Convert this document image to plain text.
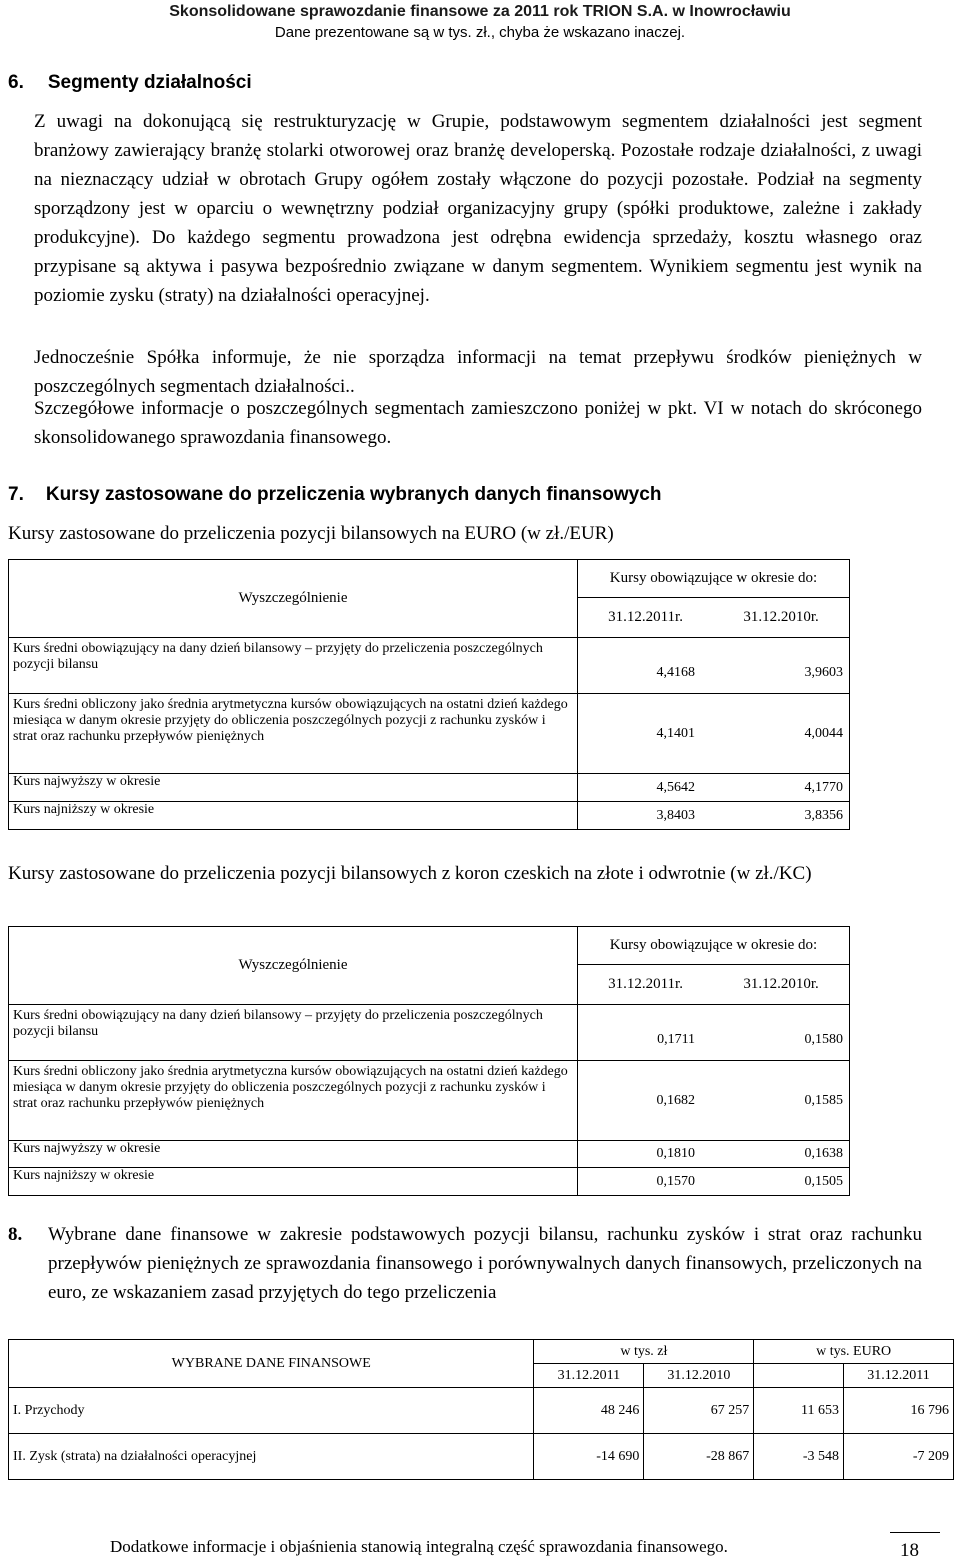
Skonsolidowane sprawozdanie finansowe za 2011 rok TRION S.A. w Inowrocławiu
Dane prezentowane są w tys. zł., chyba że wskazano inaczej.
6. Segmenty działalności

Z uwagi na dokonującą się restrukturyzację w Grupie, podstawowym segmentem działalności jest segment branżowy zawierający branżę stolarki otworowej oraz branżę developerską. Pozostałe rodzaje działalności, z uwagi na nieznaczący udział w obrotach Grupy ogółem zostały włączone do pozycji pozostałe. Podział na segmenty sporządzony jest w oparciu o wewnętrzny podział organizacyjny grupy (spółki produktowe, zależne i zakłady produkcyjne). Do każdego segmentu prowadzona jest odrębna ewidencja sprzedaży, kosztu własnego oraz przypisane są aktywa i pasywa bezpośrednio związane w danym segmentem. Wynikiem segmentu jest wynik na poziomie zysku (straty) na działalności operacyjnej.

Jednocześnie Spółka informuje, że nie sporządza informacji na temat przepływu środków pieniężnych w poszczególnych segmentach działalności..

Szczegółowe informacje o poszczególnych segmentach zamieszczono poniżej w pkt. VI w notach do skróconego skonsolidowanego sprawozdania finansowego.

7. Kursy zastosowane do przeliczenia wybranych danych finansowych

Kursy zastosowane do przeliczenia pozycji bilansowych na EURO (w zł./EUR)

Wyszczególnienie	Kursy obowiązujące w okresie do:	
	31.12.2011r.	31.12.2010r.
Kurs średni obowiązujący na dany dzień bilansowy – przyjęty do przeliczenia poszczególnych pozycji bilansu	4,4168	3,9603
Kurs średni obliczony jako średnia arytmetyczna kursów obowiązujących na ostatni dzień każdego miesiąca w danym okresie przyjęty do obliczenia poszczególnych pozycji z rachunku zysków i strat oraz rachunku przepływów pieniężnych	4,1401	4,0044
Kurs najwyższy w okresie	4,5642	4,1770
Kurs najniższy w okresie	3,8403	3,8356

Kursy zastosowane do przeliczenia pozycji bilansowych z koron czeskich na złote i odwrotnie (w zł./KC)

Wyszczególnienie	Kursy obowiązujące w okresie do:	
	31.12.2011r.	31.12.2010r.
Kurs średni obowiązujący na dany dzień bilansowy – przyjęty do przeliczenia poszczególnych pozycji bilansu	0,1711	0,1580
Kurs średni obliczony jako średnia arytmetyczna kursów obowiązujących na ostatni dzień każdego miesiąca w danym okresie przyjęty do obliczenia poszczególnych pozycji z rachunku zysków i strat oraz rachunku przepływów pieniężnych	0,1682	0,1585
Kurs najwyższy w okresie	0,1810	0,1638
Kurs najniższy w okresie	0,1570	0,1505
8. Wybrane dane finansowe w zakresie podstawowych pozycji bilansu, rachunku zysków i strat oraz rachunku przepływów pieniężnych ze sprawozdania finansowego i porównywalnych danych finansowych, przeliczonych na euro, ze wskazaniem zasad przyjętych do tego przeliczenia
WYBRANE DANE FINANSOWE	w tys. zł		w tys. EURO	
	31.12.2011	31.12.2010		31.12.2011
I. Przychody	48 246	67 257	11 653	16 796
II. Zysk (strata) na działalności operacyjnej	-14 690	-28 867	-3 548	-7 209
Dodatkowe informacje i objaśnienia stanowią integralną część sprawozdania finansowego.	18
